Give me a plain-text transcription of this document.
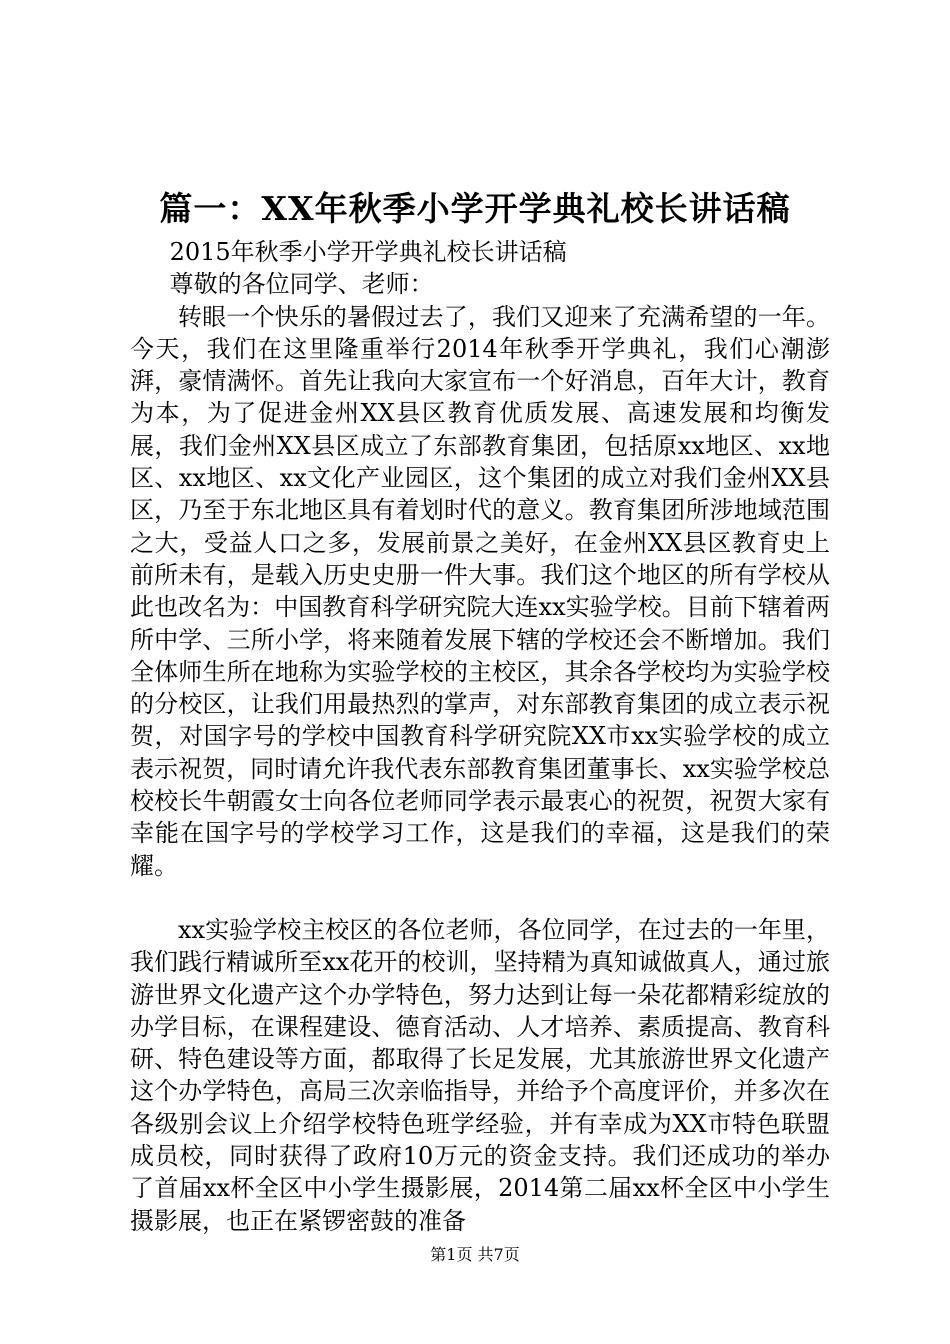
篇一：XX年秋季小学开学典礼校长讲话稿

2015年秋季小学开学典礼校长讲话稿

尊敬的各位同学、老师：

转眼一个快乐的暑假过去了，我们又迎来了充满希望的一年。今天，我们在这里隆重举行2014年秋季开学典礼，我们心潮澎湃，豪情满怀。首先让我向大家宣布一个好消息，百年大计，教育为本，为了促进金州XX县区教育优质发展、高速发展和均衡发展，我们金州XX县区成立了东部教育集团，包括原xx地区、xx地区、xx地区、xx文化产业园区，这个集团的成立对我们金州XX县区，乃至于东北地区具有着划时代的意义。教育集团所涉地域范围之大，受益人口之多，发展前景之美好，在金州XX县区教育史上前所未有，是载入历史史册一件大事。我们这个地区的所有学校从此也改名为：中国教育科学研究院大连xx实验学校。目前下辖着两所中学、三所小学，将来随着发展下辖的学校还会不断增加。我们全体师生所在地称为实验学校的主校区，其余各学校均为实验学校的分校区，让我们用最热烈的掌声，对东部教育集团的成立表示祝贺，对国字号的学校中国教育科学研究院XX市xx实验学校的成立表示祝贺，同时请允许我代表东部教育集团董事长、xx实验学校总校校长牛朝霞女士向各位老师同学表示最衷心的祝贺，祝贺大家有幸能在国字号的学校学习工作，这是我们的幸福，这是我们的荣耀。

xx实验学校主校区的各位老师，各位同学，在过去的一年里，我们践行精诚所至xx花开的校训，坚持精为真知诚做真人，通过旅游世界文化遗产这个办学特色，努力达到让每一朵花都精彩绽放的办学目标，在课程建设、德育活动、人才培养、素质提高、教育科研、特色建设等方面，都取得了长足发展，尤其旅游世界文化遗产这个办学特色，高局三次亲临指导，并给予个高度评价，并多次在各级别会议上介绍学校特色班学经验，并有幸成为XX市特色联盟成员校，同时获得了政府10万元的资金支持。我们还成功的举办了首届xx杯全区中小学生摄影展，2014第二届xx杯全区中小学生摄影展，也正在紧锣密鼓的准备

第1页 共7页
